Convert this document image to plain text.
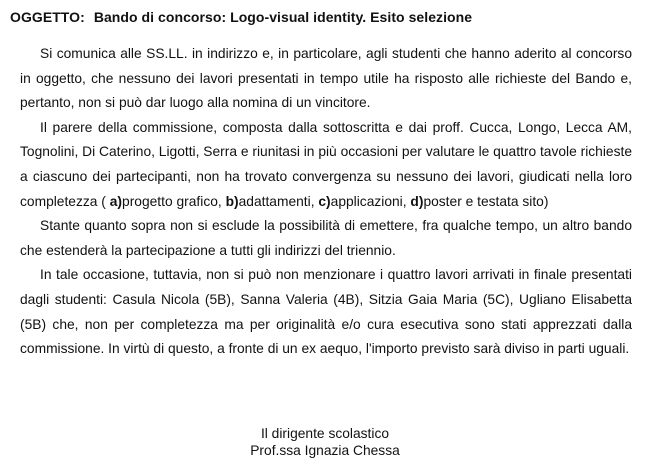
OGGETTO: Bando di concorso: Logo-visual identity. Esito selezione

Si comunica alle SS.LL. in indirizzo e, in particolare, agli studenti che hanno aderito al concorso in oggetto, che nessuno dei lavori presentati in tempo utile ha risposto alle richieste del Bando e, pertanto, non si può dar luogo alla nomina di un vincitore.

Il parere della commissione, composta dalla sottoscritta e dai proff. Cucca, Longo, Lecca AM, Tognolini, Di Caterino, Ligotti, Serra e riunitasi in più occasioni per valutare le quattro tavole richieste a ciascuno dei partecipanti, non ha trovato convergenza su nessuno dei lavori, giudicati nella loro completezza ( a)progetto grafico, b)adattamenti, c)applicazioni, d)poster e testata sito)

Stante quanto sopra non si esclude la possibilità di emettere, fra qualche tempo, un altro bando che estenderà la partecipazione a tutti gli indirizzi del triennio.

In tale occasione, tuttavia, non si può non menzionare i quattro lavori arrivati in finale presentati dagli studenti: Casula Nicola (5B), Sanna Valeria (4B), Sitzia Gaia Maria (5C), Ugliano Elisabetta (5B) che, non per completezza ma per originalità e/o cura esecutiva sono stati apprezzati dalla commissione. In virtù di questo, a fronte di un ex aequo, l'importo previsto sarà diviso in parti uguali.

Il dirigente scolastico
Prof.ssa Ignazia Chessa
